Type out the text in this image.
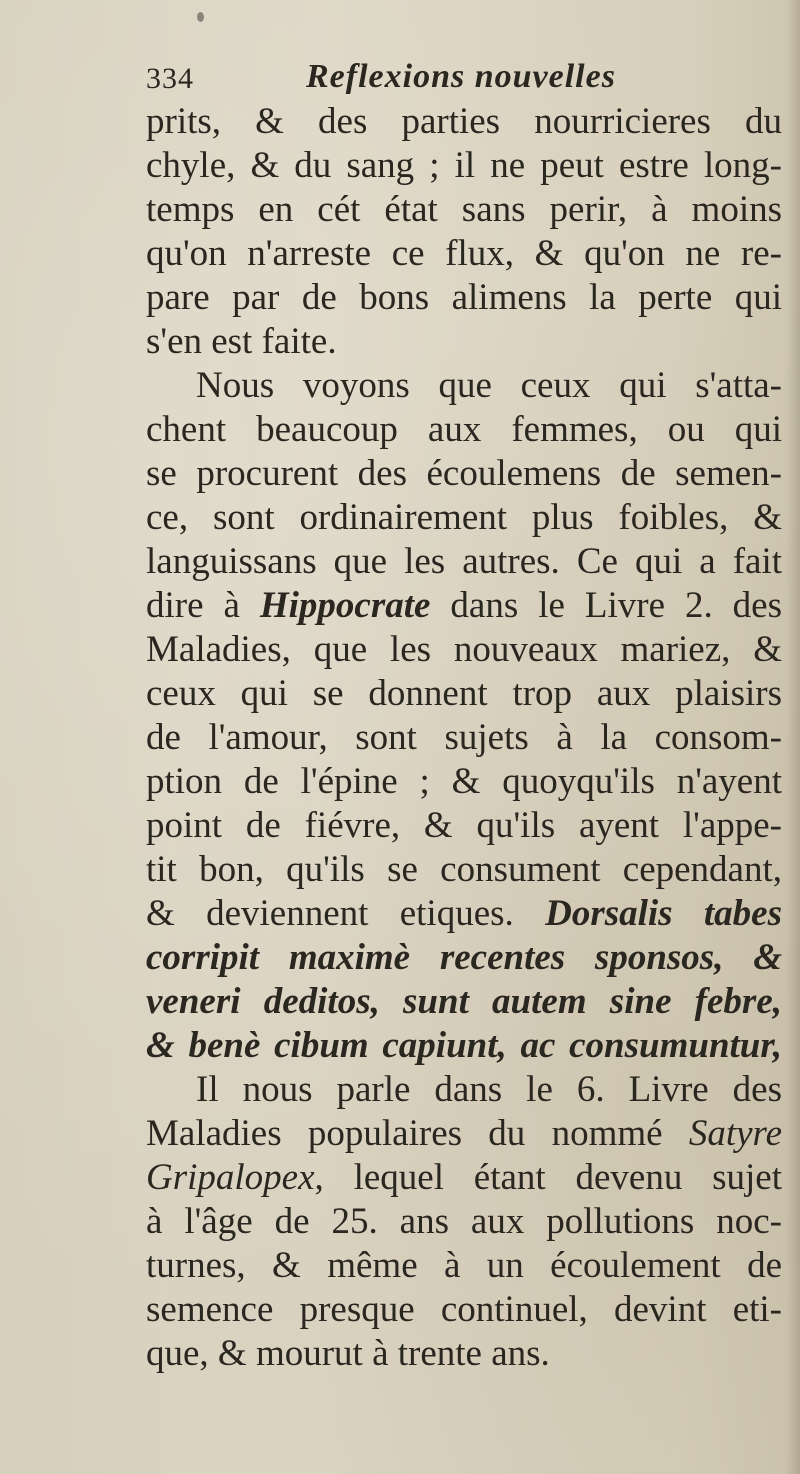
334	Reflexions nouvelles
prits, & des parties nourricieres du
chyle, & du sang ; il ne peut estre long-
temps en cét état sans perir, à moins
qu'on n'arreste ce flux, & qu'on ne re-
pare par de bons alimens la perte qui
s'en est faite.
Nous voyons que ceux qui s'atta-
chent beaucoup aux femmes, ou qui
se procurent des écoulemens de semen-
ce, sont ordinairement plus foibles, &
languissans que les autres. Ce qui a fait
dire à Hippocrate dans le Livre 2. des
Maladies, que les nouveaux mariez, &
ceux qui se donnent trop aux plaisirs
de l'amour, sont sujets à la consom-
ption de l'épine ; & quoyqu'ils n'ayent
point de fiévre, & qu'ils ayent l'appe-
tit bon, qu'ils se consument cependant,
& deviennent etiques. Dorsalis tabes
corripit maximè recentes sponsos, &
veneri deditos, sunt autem sine febre,
& benè cibum capiunt, ac consumuntur,
Il nous parle dans le 6. Livre des
Maladies populaires du nommé Satyre
Gripalopex, lequel étant devenu sujet
à l'âge de 25. ans aux pollutions noc-
turnes, & même à un écoulement de
semence presque continuel, devint eti-
que, & mourut à trente ans.
